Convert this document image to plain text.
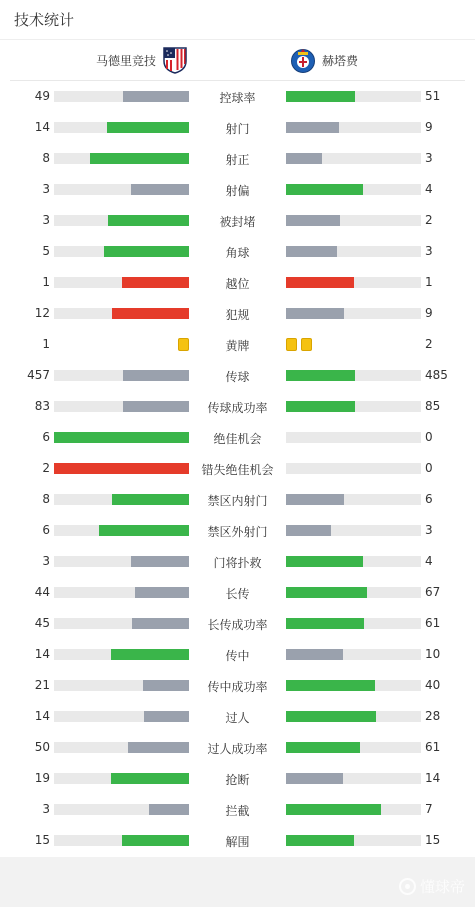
技术统计
马德里竞技	赫塔费
49	控球率	51
14	射门	9
8	射正	3
3	射偏	4
3	被封堵	2
5	角球	3
1	越位	1
12	犯规	9
1	黄牌	2
457	传球	485
83	传球成功率	85
6	绝佳机会	0
2	错失绝佳机会	0
8	禁区内射门	6
6	禁区外射门	3
3	门将扑救	4
44	长传	67
45	长传成功率	61
14	传中	10
21	传中成功率	40
14	过人	28
50	过人成功率	61
19	抢断	14
3	拦截	7
15	解围	15
懂球帝
